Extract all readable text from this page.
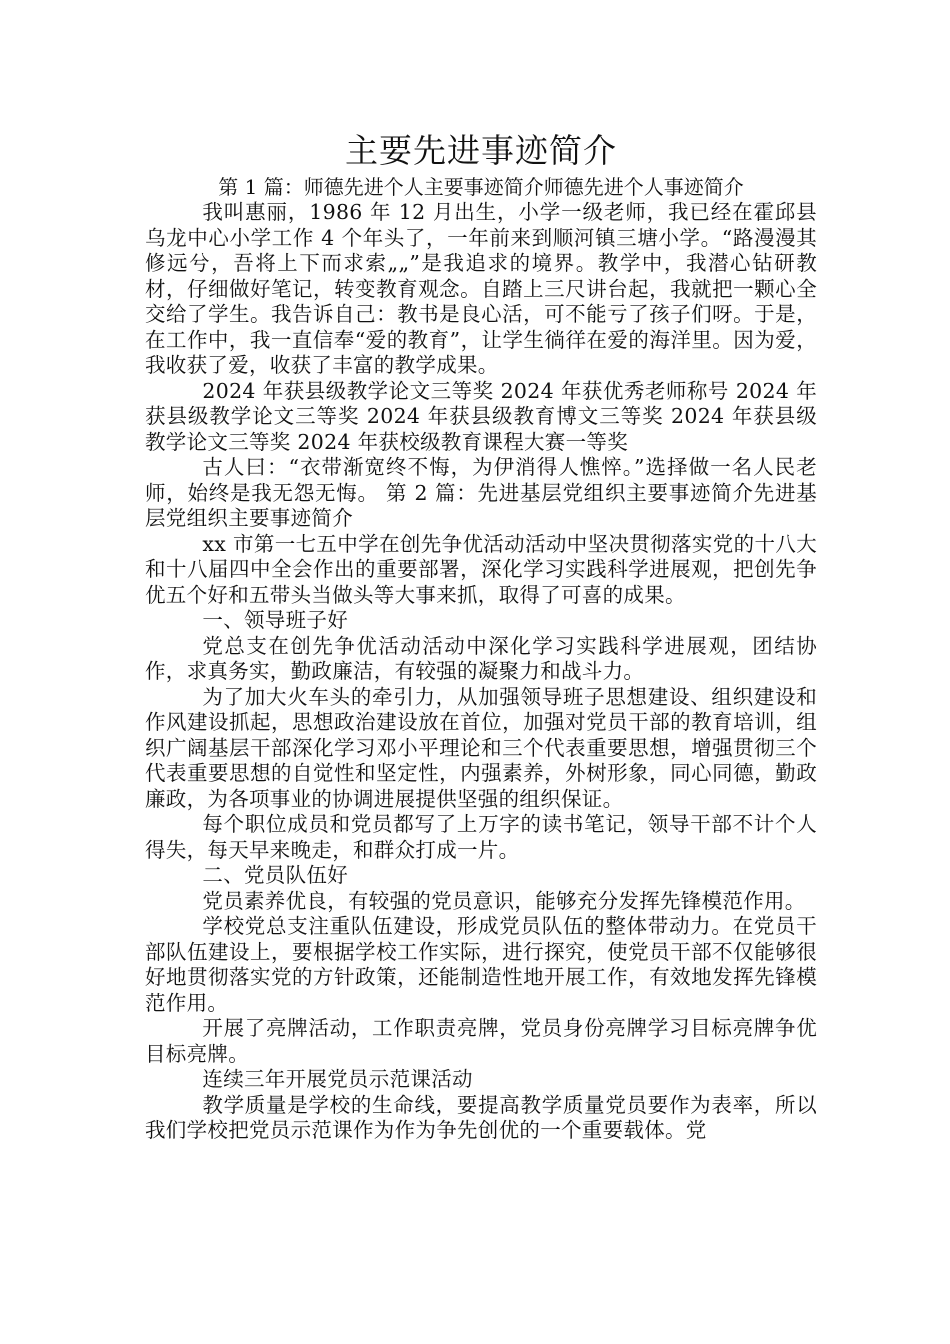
主要先进事迹简介
第 1 篇：师德先进个人主要事迹简介师德先进个人事迹简介

我叫惠丽，1986 年 12 月出生，小学一级老师，我已经在霍邱县乌龙中心小学工作 4 个年头了，一年前来到顺河镇三塘小学。“路漫漫其修远兮，吾将上下而求索„„”是我追求的境界。教学中，我潜心钻研教材，仔细做好笔记，转变教育观念。自踏上三尺讲台起，我就把一颗心全交给了学生。我告诉自己：教书是良心活，可不能亏了孩子们呀。于是，在工作中，我一直信奉“爱的教育”，让学生徜徉在爱的海洋里。因为爱，我收获了爱，收获了丰富的教学成果。

2024 年获县级教学论文三等奖 2024 年获优秀老师称号 2024 年获县级教学论文三等奖 2024 年获县级教育博文三等奖 2024 年获县级教学论文三等奖 2024 年获校级教育课程大赛一等奖

古人曰：“衣带渐宽终不悔，为伊消得人憔悴。”选择做一名人民老师，始终是我无怨无悔。 第 2 篇：先进基层党组织主要事迹简介先进基层党组织主要事迹简介

xx 市第一七五中学在创先争优活动活动中坚决贯彻落实党的十八大和十八届四中全会作出的重要部署，深化学习实践科学进展观，把创先争优五个好和五带头当做头等大事来抓，取得了可喜的成果。

一、领导班子好

党总支在创先争优活动活动中深化学习实践科学进展观，团结协作，求真务实，勤政廉洁，有较强的凝聚力和战斗力。

为了加大火车头的牵引力，从加强领导班子思想建设、组织建设和作风建设抓起，思想政治建设放在首位，加强对党员干部的教育培训，组织广阔基层干部深化学习邓小平理论和三个代表重要思想，增强贯彻三个代表重要思想的自觉性和坚定性，内强素养，外树形象，同心同德，勤政廉政，为各项事业的协调进展提供坚强的组织保证。

每个职位成员和党员都写了上万字的读书笔记，领导干部不计个人得失，每天早来晚走，和群众打成一片。

二、党员队伍好

党员素养优良，有较强的党员意识，能够充分发挥先锋模范作用。

学校党总支注重队伍建设，形成党员队伍的整体带动力。在党员干部队伍建设上，要根据学校工作实际，进行探究，使党员干部不仅能够很好地贯彻落实党的方针政策，还能制造性地开展工作，有效地发挥先锋模范作用。

开展了亮牌活动，工作职责亮牌，党员身份亮牌学习目标亮牌争优目标亮牌。

连续三年开展党员示范课活动

教学质量是学校的生命线，要提高教学质量党员要作为表率，所以我们学校把党员示范课作为作为争先创优的一个重要载体。党
